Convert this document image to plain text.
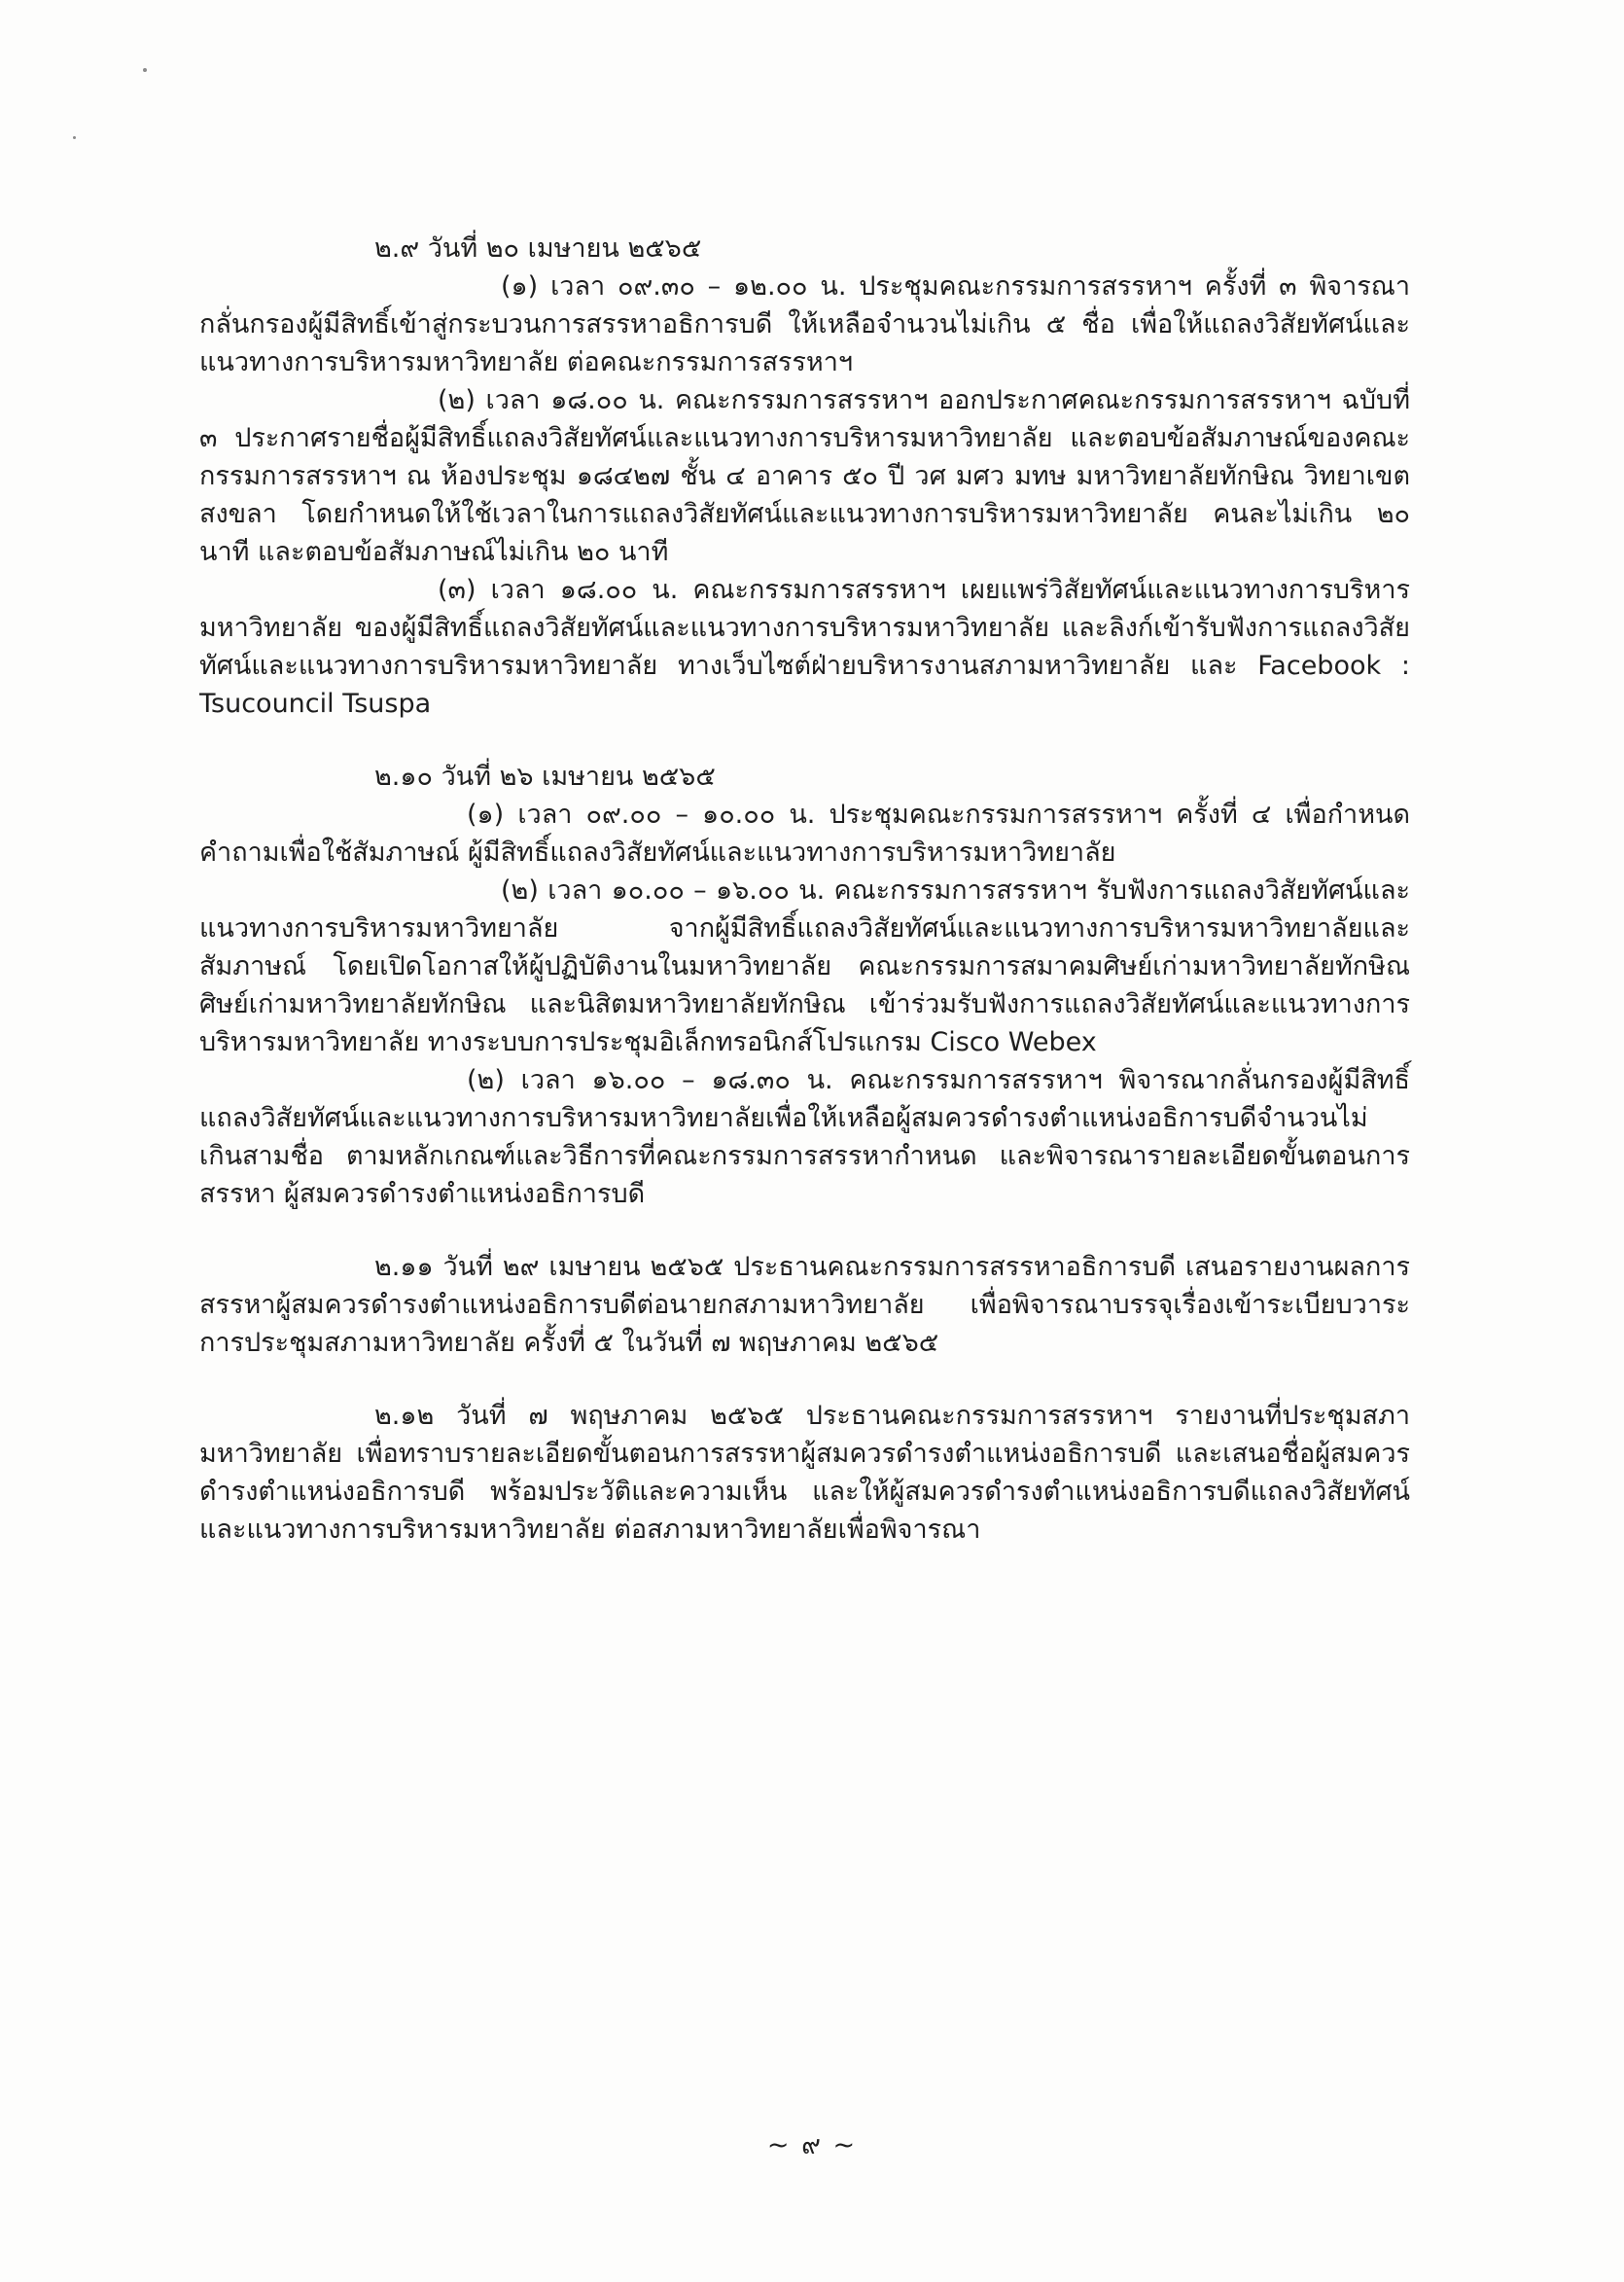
๒.๙ วันที่ ๒๐ เมษายน ๒๕๖๕

(๑) เวลา ๐๙.๓๐ – ๑๒.๐๐ น. ประชุมคณะกรรมการสรรหาฯ ครั้งที่ ๓ พิจารณากลั่นกรองผู้มีสิทธิ์เข้าสู่กระบวนการสรรหาอธิการบดี ให้เหลือจำนวนไม่เกิน ๕ ชื่อ เพื่อให้แถลงวิสัยทัศน์และแนวทางการบริหารมหาวิทยาลัย ต่อคณะกรรมการสรรหาฯ

(๒) เวลา ๑๘.๐๐ น. คณะกรรมการสรรหาฯ ออกประกาศคณะกรรมการสรรหาฯ ฉบับที่ ๓ ประกาศรายชื่อผู้มีสิทธิ์แถลงวิสัยทัศน์และแนวทางการบริหารมหาวิทยาลัย และตอบข้อสัมภาษณ์ของคณะกรรมการสรรหาฯ ณ ห้องประชุม ๑๘๔๒๗ ชั้น ๔ อาคาร ๕๐ ปี วศ มศว มทษ มหาวิทยาลัยทักษิณ วิทยาเขตสงขลา โดยกำหนดให้ใช้เวลาในการแถลงวิสัยทัศน์และแนวทางการบริหารมหาวิทยาลัย คนละไม่เกิน ๒๐ นาที และตอบข้อสัมภาษณ์ไม่เกิน ๒๐ นาที

(๓) เวลา ๑๘.๐๐ น. คณะกรรมการสรรหาฯ เผยแพร่วิสัยทัศน์และแนวทางการบริหารมหาวิทยาลัย ของผู้มีสิทธิ์แถลงวิสัยทัศน์และแนวทางการบริหารมหาวิทยาลัย และลิงก์เข้ารับฟังการแถลงวิสัยทัศน์และแนวทางการบริหารมหาวิทยาลัย ทางเว็บไซต์ฝ่ายบริหารงานสภามหาวิทยาลัย และ Facebook : Tsucouncil Tsuspa

๒.๑๐ วันที่ ๒๖ เมษายน ๒๕๖๕

(๑) เวลา ๐๙.๐๐ – ๑๐.๐๐ น. ประชุมคณะกรรมการสรรหาฯ ครั้งที่ ๔ เพื่อกำหนดคำถามเพื่อใช้สัมภาษณ์ ผู้มีสิทธิ์แถลงวิสัยทัศน์และแนวทางการบริหารมหาวิทยาลัย

(๒) เวลา ๑๐.๐๐ – ๑๖.๐๐ น. คณะกรรมการสรรหาฯ รับฟังการแถลงวิสัยทัศน์และแนวทางการบริหารมหาวิทยาลัย จากผู้มีสิทธิ์แถลงวิสัยทัศน์และแนวทางการบริหารมหาวิทยาลัยและสัมภาษณ์ โดยเปิดโอกาสให้ผู้ปฏิบัติงานในมหาวิทยาลัย คณะกรรมการสมาคมศิษย์เก่ามหาวิทยาลัยทักษิณ ศิษย์เก่ามหาวิทยาลัยทักษิณ และนิสิตมหาวิทยาลัยทักษิณ เข้าร่วมรับฟังการแถลงวิสัยทัศน์และแนวทางการบริหารมหาวิทยาลัย ทางระบบการประชุมอิเล็กทรอนิกส์โปรแกรม Cisco Webex

(๒) เวลา ๑๖.๐๐ – ๑๘.๓๐ น. คณะกรรมการสรรหาฯ พิจารณากลั่นกรองผู้มีสิทธิ์แถลงวิสัยทัศน์และแนวทางการบริหารมหาวิทยาลัยเพื่อให้เหลือผู้สมควรดำรงตำแหน่งอธิการบดีจำนวนไม่เกินสามชื่อ ตามหลักเกณฑ์และวิธีการที่คณะกรรมการสรรหากำหนด และพิจารณารายละเอียดขั้นตอนการสรรหา ผู้สมควรดำรงตำแหน่งอธิการบดี

๒.๑๑ วันที่ ๒๙ เมษายน ๒๕๖๕ ประธานคณะกรรมการสรรหาอธิการบดี เสนอรายงานผลการสรรหาผู้สมควรดำรงตำแหน่งอธิการบดีต่อนายกสภามหาวิทยาลัย เพื่อพิจารณาบรรจุเรื่องเข้าระเบียบวาระการประชุมสภามหาวิทยาลัย ครั้งที่ ๕ ในวันที่ ๗ พฤษภาคม ๒๕๖๕

๒.๑๒ วันที่ ๗ พฤษภาคม ๒๕๖๕ ประธานคณะกรรมการสรรหาฯ รายงานที่ประชุมสภามหาวิทยาลัย เพื่อทราบรายละเอียดขั้นตอนการสรรหาผู้สมควรดำรงตำแหน่งอธิการบดี และเสนอชื่อผู้สมควรดำรงตำแหน่งอธิการบดี พร้อมประวัติและความเห็น และให้ผู้สมควรดำรงตำแหน่งอธิการบดีแถลงวิสัยทัศน์และแนวทางการบริหารมหาวิทยาลัย ต่อสภามหาวิทยาลัยเพื่อพิจารณา

~ ๙ ~
